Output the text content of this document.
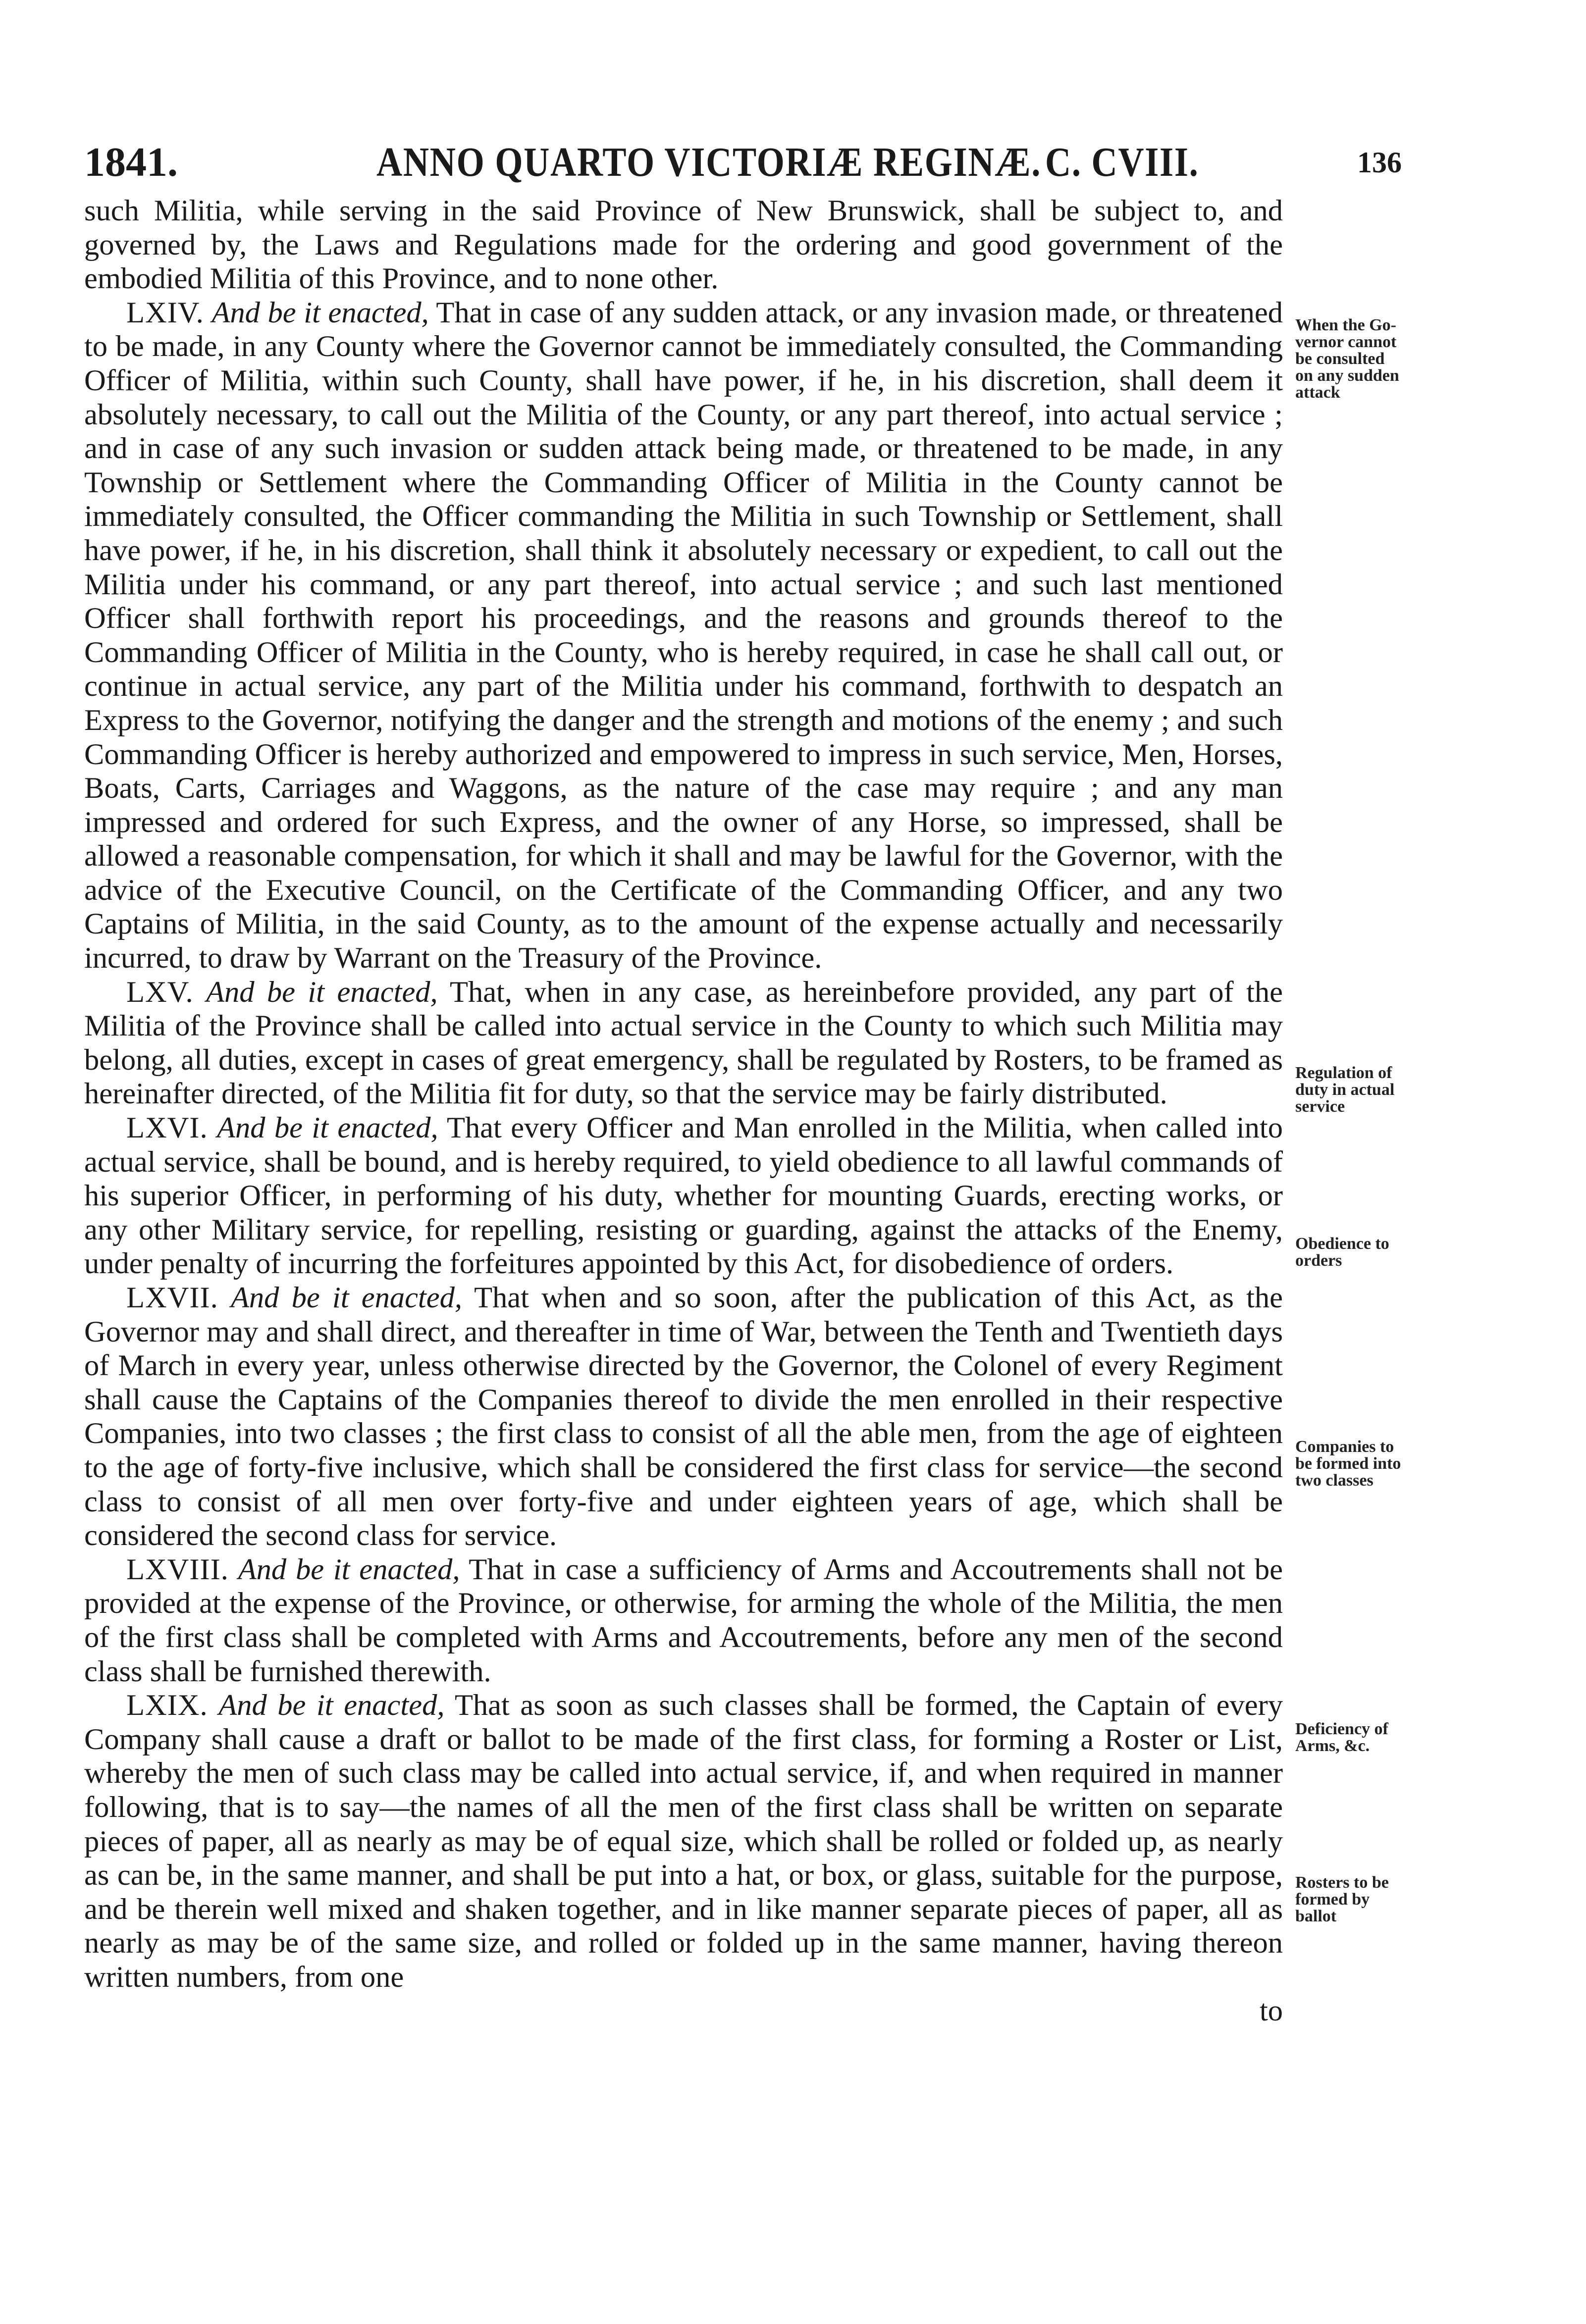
1841.	ANNO QUARTO VICTORIÆ REGINÆ. C. CVIII.	136

such Militia, while serving in the said Province of New Brunswick, shall be subject to, and governed by, the Laws and Regulations made for the ordering and good government of the embodied Militia of this Province, and to none other.

LXIV. And be it enacted, That in case of any sudden attack, or any invasion made, or threatened to be made, in any County where the Governor cannot be immediately consulted, the Commanding Officer of Militia, within such County, shall have power, if he, in his discretion, shall deem it absolutely necessary, to call out the Militia of the County, or any part thereof, into actual service ; and in case of any such invasion or sudden attack being made, or threatened to be made, in any Township or Settlement where the Commanding Officer of Militia in the County cannot be immediately consulted, the Officer commanding the Militia in such Township or Settlement, shall have power, if he, in his discretion, shall think it absolutely necessary or expedient, to call out the Militia under his command, or any part thereof, into actual service ; and such last mentioned Officer shall forthwith report his proceedings, and the reasons and grounds thereof to the Commanding Officer of Militia in the County, who is hereby required, in case he shall call out, or continue in actual service, any part of the Militia under his command, forthwith to despatch an Express to the Governor, notifying the danger and the strength and motions of the enemy ; and such Commanding Officer is hereby authorized and empowered to impress in such service, Men, Horses, Boats, Carts, Carriages and Waggons, as the nature of the case may require ; and any man impressed and ordered for such Express, and the owner of any Horse, so impressed, shall be allowed a reasonable compensation, for which it shall and may be lawful for the Governor, with the advice of the Executive Council, on the Certificate of the Commanding Officer, and any two Captains of Militia, in the said County, as to the amount of the expense actually and necessarily incurred, to draw by Warrant on the Treasury of the Province.

LXV. And be it enacted, That, when in any case, as hereinbefore provided, any part of the Militia of the Province shall be called into actual service in the County to which such Militia may belong, all duties, except in cases of great emergency, shall be regulated by Rosters, to be framed as hereinafter directed, of the Militia fit for duty, so that the service may be fairly distributed.

LXVI. And be it enacted, That every Officer and Man enrolled in the Militia, when called into actual service, shall be bound, and is hereby required, to yield obedience to all lawful commands of his superior Officer, in performing of his duty, whether for mounting Guards, erecting works, or any other Military service, for repelling, resisting or guarding, against the attacks of the Enemy, under penalty of incurring the forfeitures appointed by this Act, for disobedience of orders.

LXVII. And be it enacted, That when and so soon, after the publication of this Act, as the Governor may and shall direct, and thereafter in time of War, between the Tenth and Twentieth days of March in every year, unless otherwise directed by the Governor, the Colonel of every Regiment shall cause the Captains of the Companies thereof to divide the men enrolled in their respective Companies, into two classes ; the first class to consist of all the able men, from the age of eighteen to the age of forty-five inclusive, which shall be considered the first class for service—the second class to consist of all men over forty-five and under eighteen years of age, which shall be considered the second class for service.

LXVIII. And be it enacted, That in case a sufficiency of Arms and Accoutrements shall not be provided at the expense of the Province, or otherwise, for arming the whole of the Militia, the men of the first class shall be completed with Arms and Accoutrements, before any men of the second class shall be furnished therewith.

LXIX. And be it enacted, That as soon as such classes shall be formed, the Captain of every Company shall cause a draft or ballot to be made of the first class, for forming a Roster or List, whereby the men of such class may be called into actual service, if, and when required in manner following, that is to say—the names of all the men of the first class shall be written on separate pieces of paper, all as nearly as may be of equal size, which shall be rolled or folded up, as nearly as can be, in the same manner, and shall be put into a hat, or box, or glass, suitable for the purpose, and be therein well mixed and shaken together, and in like manner separate pieces of paper, all as nearly as may be of the same size, and rolled or folded up in the same manner, having thereon written numbers, from one

to

When the Go-
vernor cannot
be consulted
on any sudden
attack
Regulation of
duty in actual
service
Obedience to
orders
Companies to
be formed into
two classes
Deficiency of
Arms, &c.
Rosters to be
formed by
ballot
